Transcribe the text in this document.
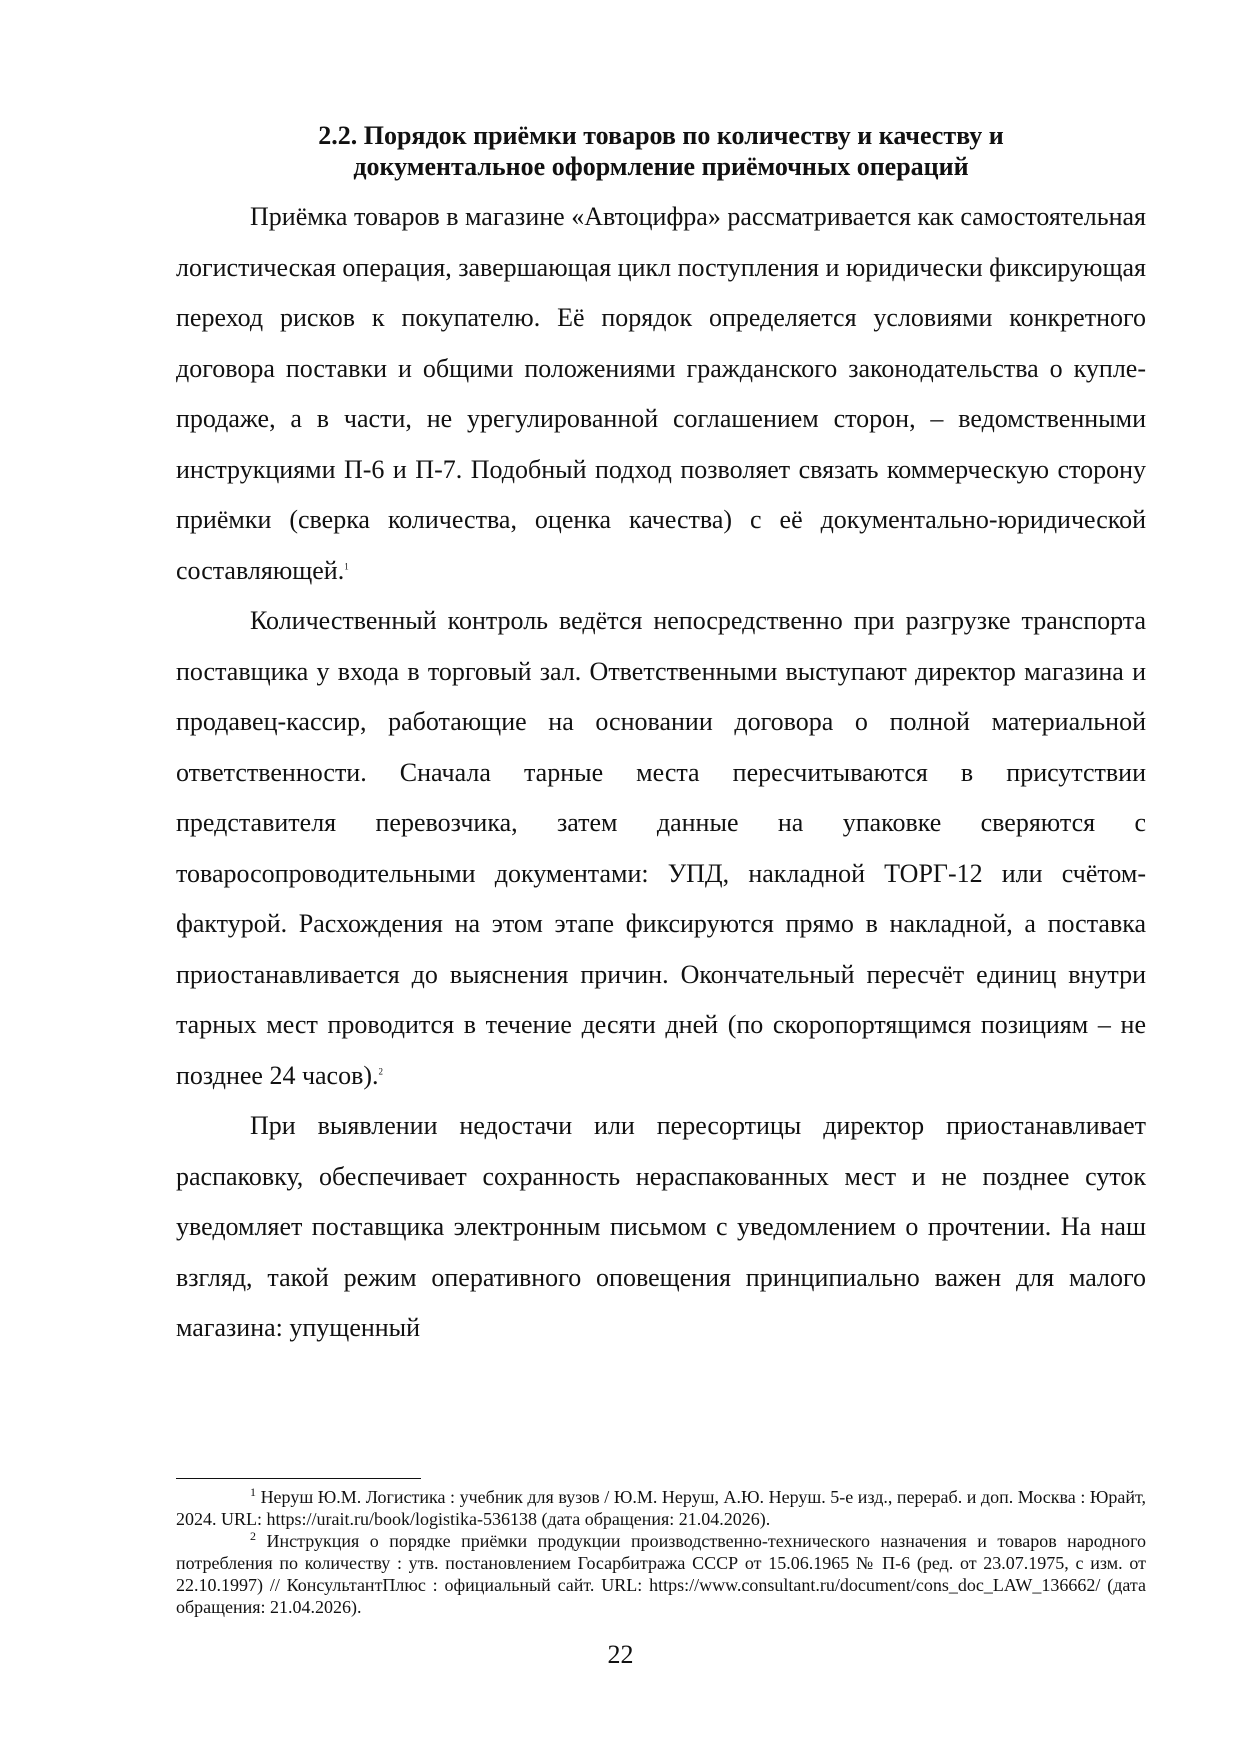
2.2. Порядок приёмки товаров по количеству и качеству и
документальное оформление приёмочных операций

Приёмка товаров в магазине «Автоцифра» рассматривается как самостоятельная логистическая операция, завершающая цикл поступления и юридически фиксирующая переход рисков к покупателю. Её порядок определяется условиями конкретного договора поставки и общими положениями гражданского законодательства о купле-продаже, а в части, не урегулированной соглашением сторон, – ведомственными инструкциями П-6 и П-7. Подобный подход позволяет связать коммерческую сторону приёмки (сверка количества, оценка качества) с её документально-юридической составляющей.$^1$

Количественный контроль ведётся непосредственно при разгрузке транспорта поставщика у входа в торговый зал. Ответственными выступают директор магазина и продавец-кассир, работающие на основании договора о полной материальной ответственности. Сначала тарные места пересчитываются в присутствии представителя перевозчика, затем данные на упаковке сверяются с товаросопроводительными документами: УПД, накладной ТОРГ-12 или счётом-фактурой. Расхождения на этом этапе фиксируются прямо в накладной, а поставка приостанавливается до выяснения причин. Окончательный пересчёт единиц внутри тарных мест проводится в течение десяти дней (по скоропортящимся позициям – не позднее 24 часов).$^2$

При выявлении недостачи или пересортицы директор приостанавливает распаковку, обеспечивает сохранность нераспакованных мест и не позднее суток уведомляет поставщика электронным письмом с уведомлением о прочтении. На наш взгляд, такой режим оперативного оповещения принципиально важен для малого магазина: упущенный

$^1$ Неруш Ю.М. Логистика : учебник для вузов / Ю.М. Неруш, А.Ю. Неруш. 5-е изд., перераб. и доп. Москва : Юрайт, 2024. URL: https://urait.ru/book/logistika-536138 (дата обращения: 21.04.2026).

$^2$ Инструкция о порядке приёмки продукции производственно-технического назначения и товаров народного потребления по количеству : утв. постановлением Госарбитража СССР от 15.06.1965 № П-6 (ред. от 23.07.1975, с изм. от 22.10.1997) // КонсультантПлюс : официальный сайт. URL: https://www.consultant.ru/document/cons_doc_LAW_136662/ (дата обращения: 21.04.2026).

22
